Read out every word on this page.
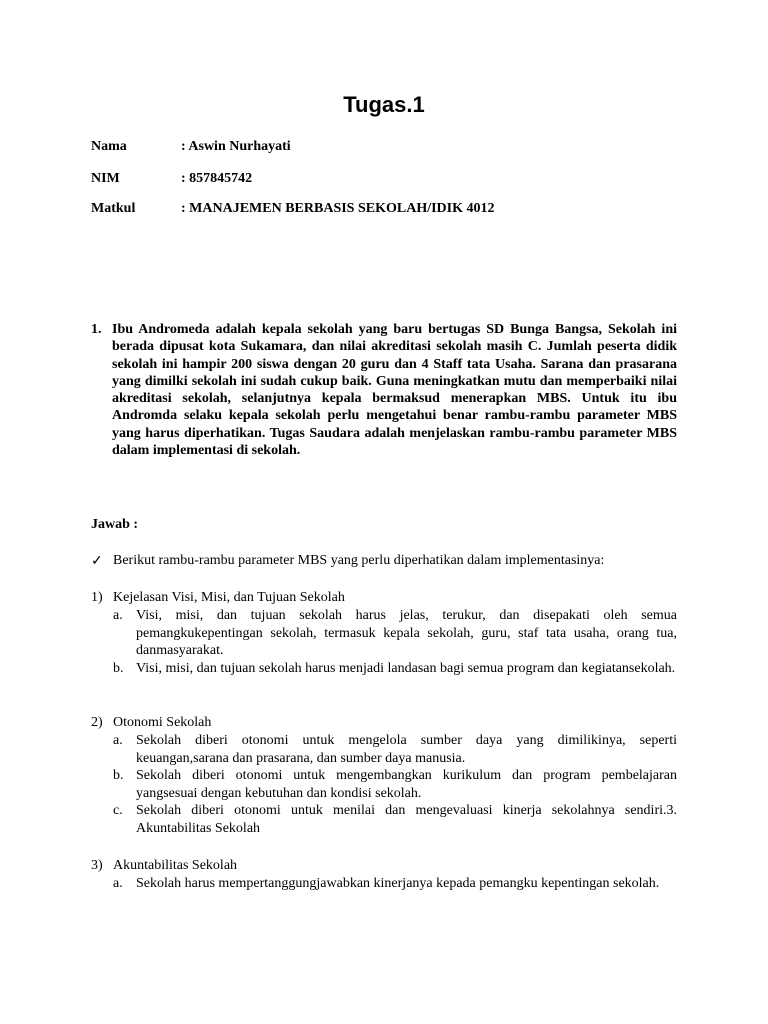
Tugas.1
Nama	: Aswin Nurhayati
NIM	: 857845742
Matkul	: MANAJEMEN BERBASIS SEKOLAH/IDIK 4012
1. Ibu Andromeda adalah kepala sekolah yang baru bertugas SD Bunga Bangsa, Sekolah ini berada dipusat kota Sukamara, dan nilai akreditasi sekolah masih C. Jumlah peserta didik sekolah ini hampir 200 siswa dengan 20 guru dan 4 Staff tata Usaha. Sarana dan prasarana yang dimilki sekolah ini sudah cukup baik. Guna meningkatkan mutu dan memperbaiki nilai akreditasi sekolah, selanjutnya kepala bermaksud menerapkan MBS. Untuk itu ibu Andromda selaku kepala sekolah perlu mengetahui benar rambu-rambu parameter MBS yang harus diperhatikan. Tugas Saudara adalah menjelaskan rambu-rambu parameter MBS dalam implementasi di sekolah.
Jawab :
✓ Berikut rambu-rambu parameter MBS yang perlu diperhatikan dalam implementasinya:
1) Kejelasan Visi, Misi, dan Tujuan Sekolah
a. Visi, misi, dan tujuan sekolah harus jelas, terukur, dan disepakati oleh semua pemangkukepentingan sekolah, termasuk kepala sekolah, guru, staf tata usaha, orang tua, danmasyarakat.
b. Visi, misi, dan tujuan sekolah harus menjadi landasan bagi semua program dan kegiatansekolah.
2) Otonomi Sekolah
a. Sekolah diberi otonomi untuk mengelola sumber daya yang dimilikinya, seperti keuangan,sarana dan prasarana, dan sumber daya manusia.
b. Sekolah diberi otonomi untuk mengembangkan kurikulum dan program pembelajaran yangsesuai dengan kebutuhan dan kondisi sekolah.
c. Sekolah diberi otonomi untuk menilai dan mengevaluasi kinerja sekolahnya sendiri.3. Akuntabilitas Sekolah
3) Akuntabilitas Sekolah
a. Sekolah harus mempertanggungjawabkan kinerjanya kepada pemangku kepentingan sekolah.
